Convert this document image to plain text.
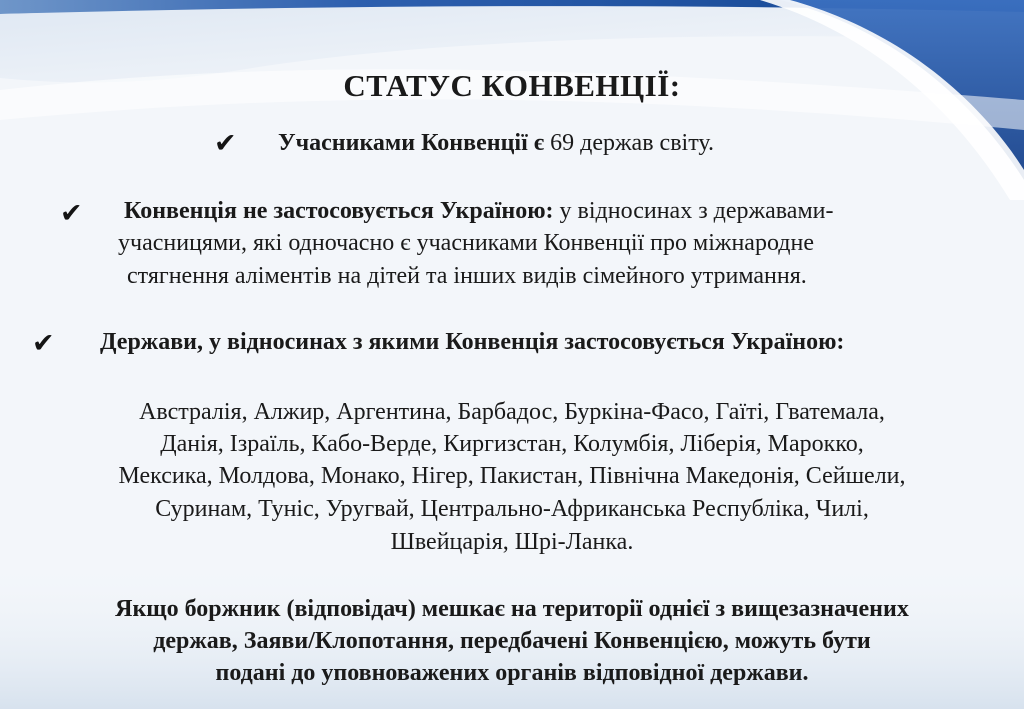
СТАТУС КОНВЕНЦІЇ:
✔ Учасниками Конвенції є 69 держав світу.
✔ Конвенція не застосовується Україною: у відносинах з державами-
учасницями, які одночасно є учасниками Конвенції про міжнародне
стягнення аліментів на дітей та інших видів сімейного утримання.
✔ Держави, у відносинах з якими Конвенція застосовується Україною:
Австралія, Алжир, Аргентина, Барбадос, Буркіна-Фасо, Гаїті, Гватемала,
Данія, Ізраїль, Кабо-Верде, Киргизстан, Колумбія, Ліберія, Марокко,
Мексика, Молдова, Монако, Нігер, Пакистан, Північна Македонія, Сейшели,
Суринам, Туніс, Уругвай, Центрально-Африканська Республіка, Чилі,
Швейцарія, Шрі-Ланка.
Якщо боржник (відповідач) мешкає на території однієї з вищезазначених
держав, Заяви/Клопотання, передбачені Конвенцією, можуть бути
подані до уповноважених органів відповідної держави.
